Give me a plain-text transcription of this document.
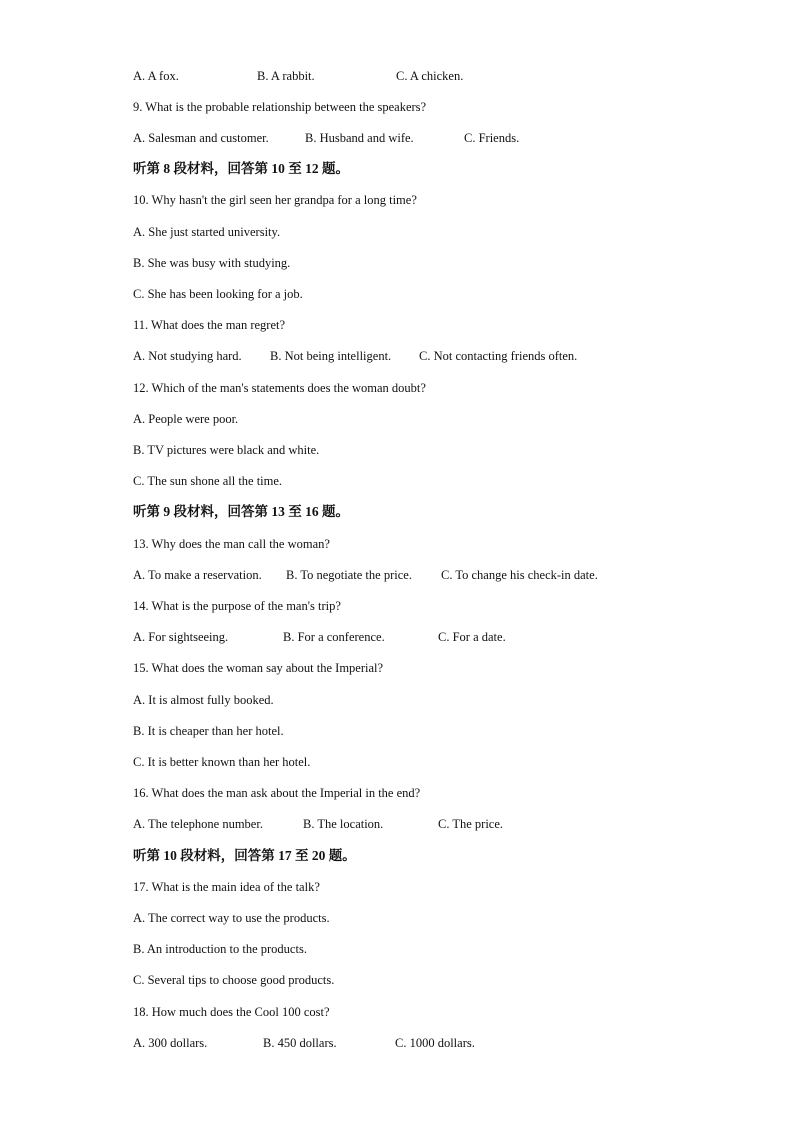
A. A fox.	B. A rabbit.	C. A chicken.
9. What is the probable relationship between the speakers?
A. Salesman and customer.	B. Husband and wife.	C. Friends.
听第 8 段材料，回答第 10 至 12 题。
10. Why hasn't the girl seen her grandpa for a long time?
A. She just started university.
B. She was busy with studying.
C. She has been looking for a job.
11. What does the man regret?
A. Not studying hard. B. Not being intelligent. C. Not contacting friends often.
12. Which of the man's statements does the woman doubt?
A. People were poor.
B. TV pictures were black and white.
C. The sun shone all the time.
听第 9 段材料，回答第 13 至 16 题。
13. Why does the man call the woman?
A. To make a reservation. B. To negotiate the price. C. To change his check-in date.
14. What is the purpose of the man's trip?
A. For sightseeing.	B. For a conference.	C. For a date.
15. What does the woman say about the Imperial?
A. It is almost fully booked.
B. It is cheaper than her hotel.
C. It is better known than her hotel.
16. What does the man ask about the Imperial in the end?
A. The telephone number.	B. The location.	C. The price.
听第 10 段材料，回答第 17 至 20 题。
17. What is the main idea of the talk?
A. The correct way to use the products.
B. An introduction to the products.
C. Several tips to choose good products.
18. How much does the Cool 100 cost?
A. 300 dollars.	B. 450 dollars.	C. 1000 dollars.
